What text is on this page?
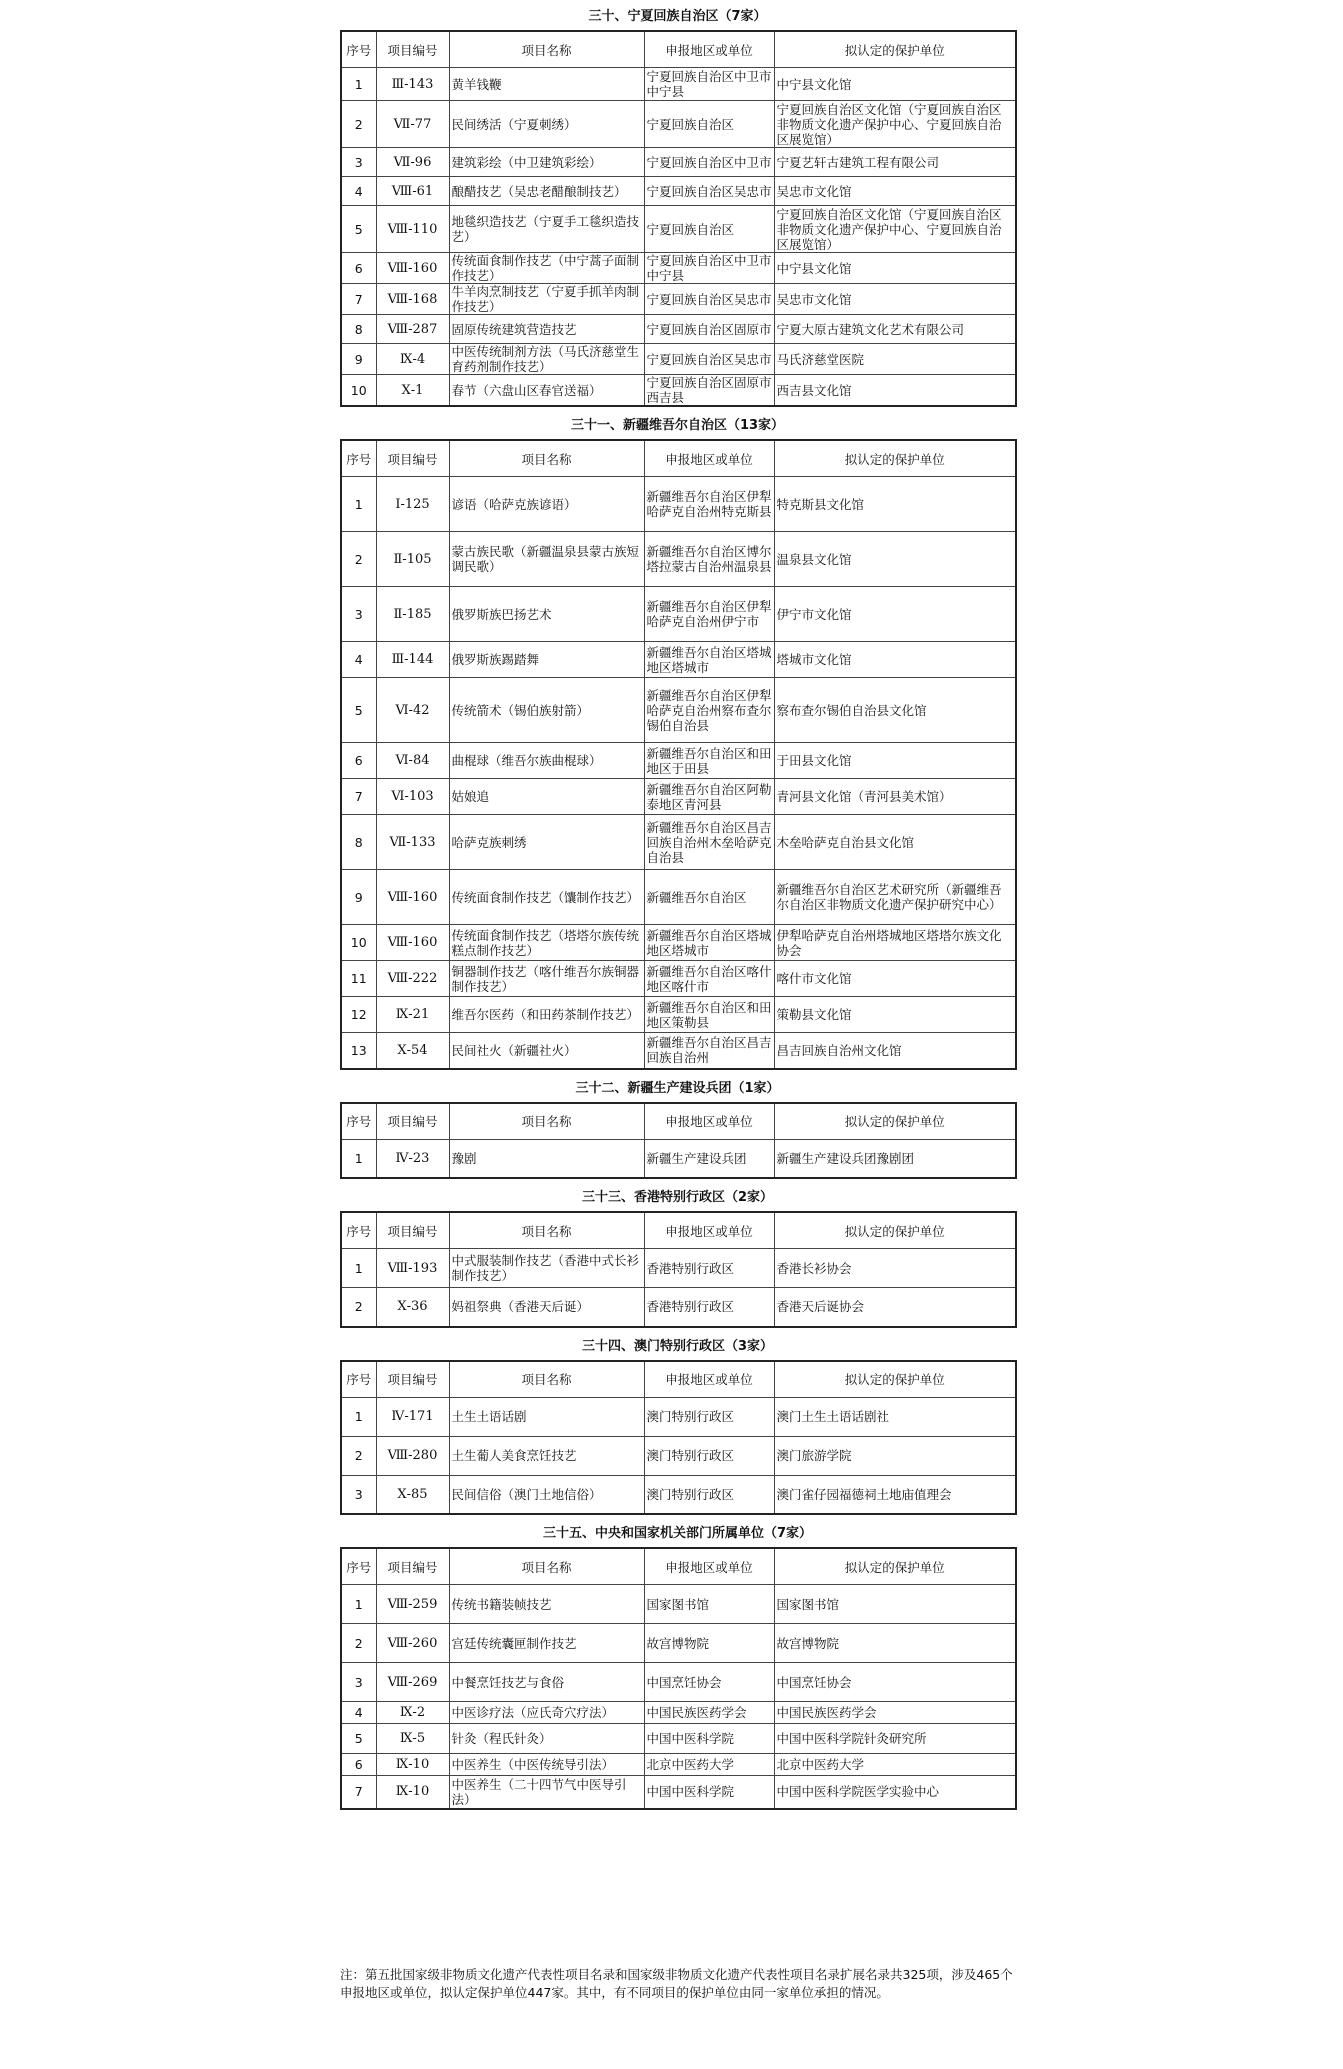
三十、宁夏回族自治区（7家）
序号	项目编号	项目名称	申报地区或单位	拟认定的保护单位
1	Ⅲ-143	黄羊钱鞭	宁夏回族自治区中卫市中宁县	中宁县文化馆
2	Ⅶ-77	民间绣活（宁夏刺绣）	宁夏回族自治区	宁夏回族自治区文化馆（宁夏回族自治区非物质文化遗产保护中心、宁夏回族自治区展览馆）
3	Ⅶ-96	建筑彩绘（中卫建筑彩绘）	宁夏回族自治区中卫市	宁夏艺轩古建筑工程有限公司
4	Ⅷ-61	酿醋技艺（吴忠老醋酿制技艺）	宁夏回族自治区吴忠市	吴忠市文化馆
5	Ⅷ-110	地毯织造技艺（宁夏手工毯织造技艺）	宁夏回族自治区	宁夏回族自治区文化馆（宁夏回族自治区非物质文化遗产保护中心、宁夏回族自治区展览馆）
6	Ⅷ-160	传统面食制作技艺（中宁蒿子面制作技艺）	宁夏回族自治区中卫市中宁县	中宁县文化馆
7	Ⅷ-168	牛羊肉烹制技艺（宁夏手抓羊肉制作技艺）	宁夏回族自治区吴忠市	吴忠市文化馆
8	Ⅷ-287	固原传统建筑营造技艺	宁夏回族自治区固原市	宁夏大原古建筑文化艺术有限公司
9	Ⅸ-4	中医传统制剂方法（马氏济慈堂生育药剂制作技艺）	宁夏回族自治区吴忠市	马氏济慈堂医院
10	Ⅹ-1	春节（六盘山区春官送福）	宁夏回族自治区固原市西吉县	西吉县文化馆
三十一、新疆维吾尔自治区（13家）
序号	项目编号	项目名称	申报地区或单位	拟认定的保护单位
1	Ⅰ-125	谚语（哈萨克族谚语）	新疆维吾尔自治区伊犁哈萨克自治州特克斯县	特克斯县文化馆
2	Ⅱ-105	蒙古族民歌（新疆温泉县蒙古族短调民歌）	新疆维吾尔自治区博尔塔拉蒙古自治州温泉县	温泉县文化馆
3	Ⅱ-185	俄罗斯族巴扬艺术	新疆维吾尔自治区伊犁哈萨克自治州伊宁市	伊宁市文化馆
4	Ⅲ-144	俄罗斯族踢踏舞	新疆维吾尔自治区塔城地区塔城市	塔城市文化馆
5	Ⅵ-42	传统箭术（锡伯族射箭）	新疆维吾尔自治区伊犁哈萨克自治州察布查尔锡伯自治县	察布查尔锡伯自治县文化馆
6	Ⅵ-84	曲棍球（维吾尔族曲棍球）	新疆维吾尔自治区和田地区于田县	于田县文化馆
7	Ⅵ-103	姑娘追	新疆维吾尔自治区阿勒泰地区青河县	青河县文化馆（青河县美术馆）
8	Ⅶ-133	哈萨克族刺绣	新疆维吾尔自治区昌吉回族自治州木垒哈萨克自治县	木垒哈萨克自治县文化馆
9	Ⅷ-160	传统面食制作技艺（馕制作技艺）	新疆维吾尔自治区	新疆维吾尔自治区艺术研究所（新疆维吾尔自治区非物质文化遗产保护研究中心）
10	Ⅷ-160	传统面食制作技艺（塔塔尔族传统糕点制作技艺）	新疆维吾尔自治区塔城地区塔城市	伊犁哈萨克自治州塔城地区塔塔尔族文化协会
11	Ⅷ-222	铜器制作技艺（喀什维吾尔族铜器制作技艺）	新疆维吾尔自治区喀什地区喀什市	喀什市文化馆
12	Ⅸ-21	维吾尔医药（和田药茶制作技艺）	新疆维吾尔自治区和田地区策勒县	策勒县文化馆
13	Ⅹ-54	民间社火（新疆社火）	新疆维吾尔自治区昌吉回族自治州	昌吉回族自治州文化馆
三十二、新疆生产建设兵团（1家）
序号	项目编号	项目名称	申报地区或单位	拟认定的保护单位
1	Ⅳ-23	豫剧	新疆生产建设兵团	新疆生产建设兵团豫剧团
三十三、香港特别行政区（2家）
序号	项目编号	项目名称	申报地区或单位	拟认定的保护单位
1	Ⅷ-193	中式服装制作技艺（香港中式长衫制作技艺）	香港特别行政区	香港长衫协会
2	Ⅹ-36	妈祖祭典（香港天后诞）	香港特别行政区	香港天后诞协会
三十四、澳门特别行政区（3家）
序号	项目编号	项目名称	申报地区或单位	拟认定的保护单位
1	Ⅳ-171	土生土语话剧	澳门特别行政区	澳门土生土语话剧社
2	Ⅷ-280	土生葡人美食烹饪技艺	澳门特别行政区	澳门旅游学院
3	Ⅹ-85	民间信俗（澳门土地信俗）	澳门特别行政区	澳门雀仔园福德祠土地庙值理会
三十五、中央和国家机关部门所属单位（7家）
序号	项目编号	项目名称	申报地区或单位	拟认定的保护单位
1	Ⅷ-259	传统书籍装帧技艺	国家图书馆	国家图书馆
2	Ⅷ-260	宫廷传统囊匣制作技艺	故宫博物院	故宫博物院
3	Ⅷ-269	中餐烹饪技艺与食俗	中国烹饪协会	中国烹饪协会
4	Ⅸ-2	中医诊疗法（应氏奇穴疗法）	中国民族医药学会	中国民族医药学会
5	Ⅸ-5	针灸（程氏针灸）	中国中医科学院	中国中医科学院针灸研究所
6	Ⅸ-10	中医养生（中医传统导引法）	北京中医药大学	北京中医药大学
7	Ⅸ-10	中医养生（二十四节气中医导引法）	中国中医科学院	中国中医科学院医学实验中心
注：第五批国家级非物质文化遗产代表性项目名录和国家级非物质文化遗产代表性项目名录扩展名录共325项，涉及465个申报地区或单位，拟认定保护单位447家。其中，有不同项目的保护单位由同一家单位承担的情况。
